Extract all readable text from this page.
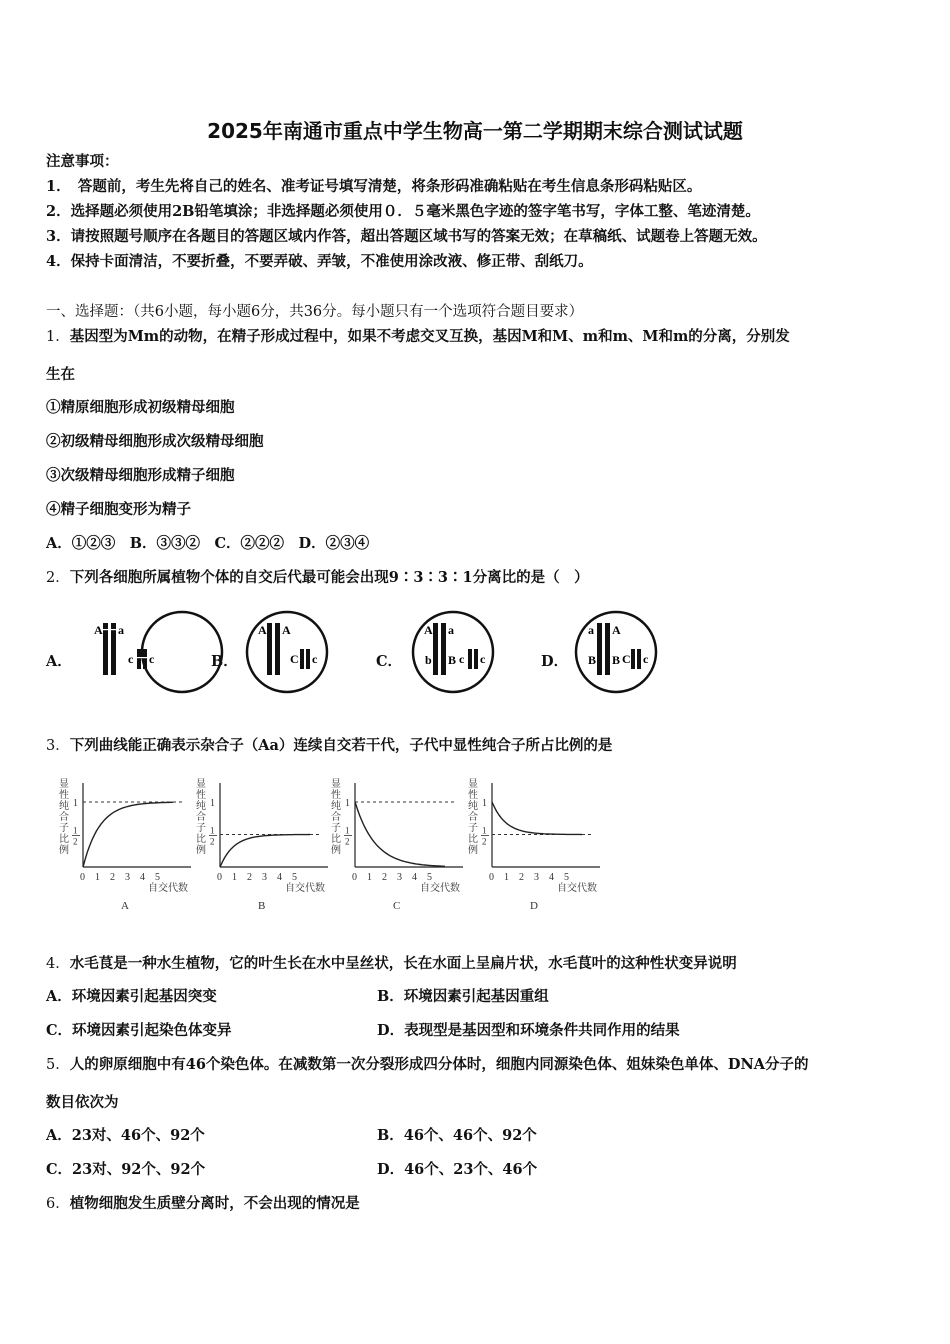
2025年南通市重点中学生物高一第二学期期末综合测试试题
注意事项：
1．　答题前，考生先将自己的姓名、准考证号填写清楚，将条形码准确粘贴在考生信息条形码粘贴区。
2．选择题必须使用2B铅笔填涂；非选择题必须使用０．５毫米黑色字迹的签字笔书写，字体工整、笔迹清楚。
3．请按照题号顺序在各题目的答题区域内作答，超出答题区域书写的答案无效；在草稿纸、试题卷上答题无效。
4．保持卡面清洁，不要折叠，不要弄破、弄皱，不准使用涂改液、修正带、刮纸刀。
一、选择题：（共6小题，每小题6分，共36分。每小题只有一个选项符合题目要求）
1．基因型为Mm的动物，在精子形成过程中，如果不考虑交叉互换，基因M和M、m和m、M和m的分离，分别发
生在
①精原细胞形成初级精母细胞
②初级精母细胞形成次级精母细胞
③次级精母细胞形成精子细胞
④精子细胞变形为精子
A．①②③　B．③③②　C．②②②　D．②③④
2．下列各细胞所属植物个体的自交后代最可能会出现9∶3∶3∶1分离比的是（　）
A．	B．	C．	D．
A a
c c
A A
C c
A a
b B c c
a A
B B C c
3．下列曲线能正确表示杂合子（Aa）连续自交若干代，子代中显性纯合子所占比例的是
显
性
纯
合
子
比
例
1
1
2
0 1 2 3 4 5
自交代数
A
显
性
纯
合
子
比
例
1
1
2
0 1 2 3 4 5
自交代数
B
显
性
纯
合
子
比
例
1
1
2
0 1 2 3 4 5
自交代数
C
显
性
纯
合
子
比
例
1
1
2
0 1 2 3 4 5
自交代数
D
4．水毛茛是一种水生植物，它的叶生长在水中呈丝状，长在水面上呈扁片状，水毛茛叶的这种性状变异说明
A．环境因素引起基因突变	B．环境因素引起基因重组
C．环境因素引起染色体变异	D．表现型是基因型和环境条件共同作用的结果
5．人的卵原细胞中有46个染色体。在减数第一次分裂形成四分体时，细胞内同源染色体、姐妹染色单体、DNA分子的
数目依次为
A．23对、46个、92个	B．46个、46个、92个
C．23对、92个、92个	D．46个、23个、46个
6．植物细胞发生质壁分离时，不会出现的情况是
